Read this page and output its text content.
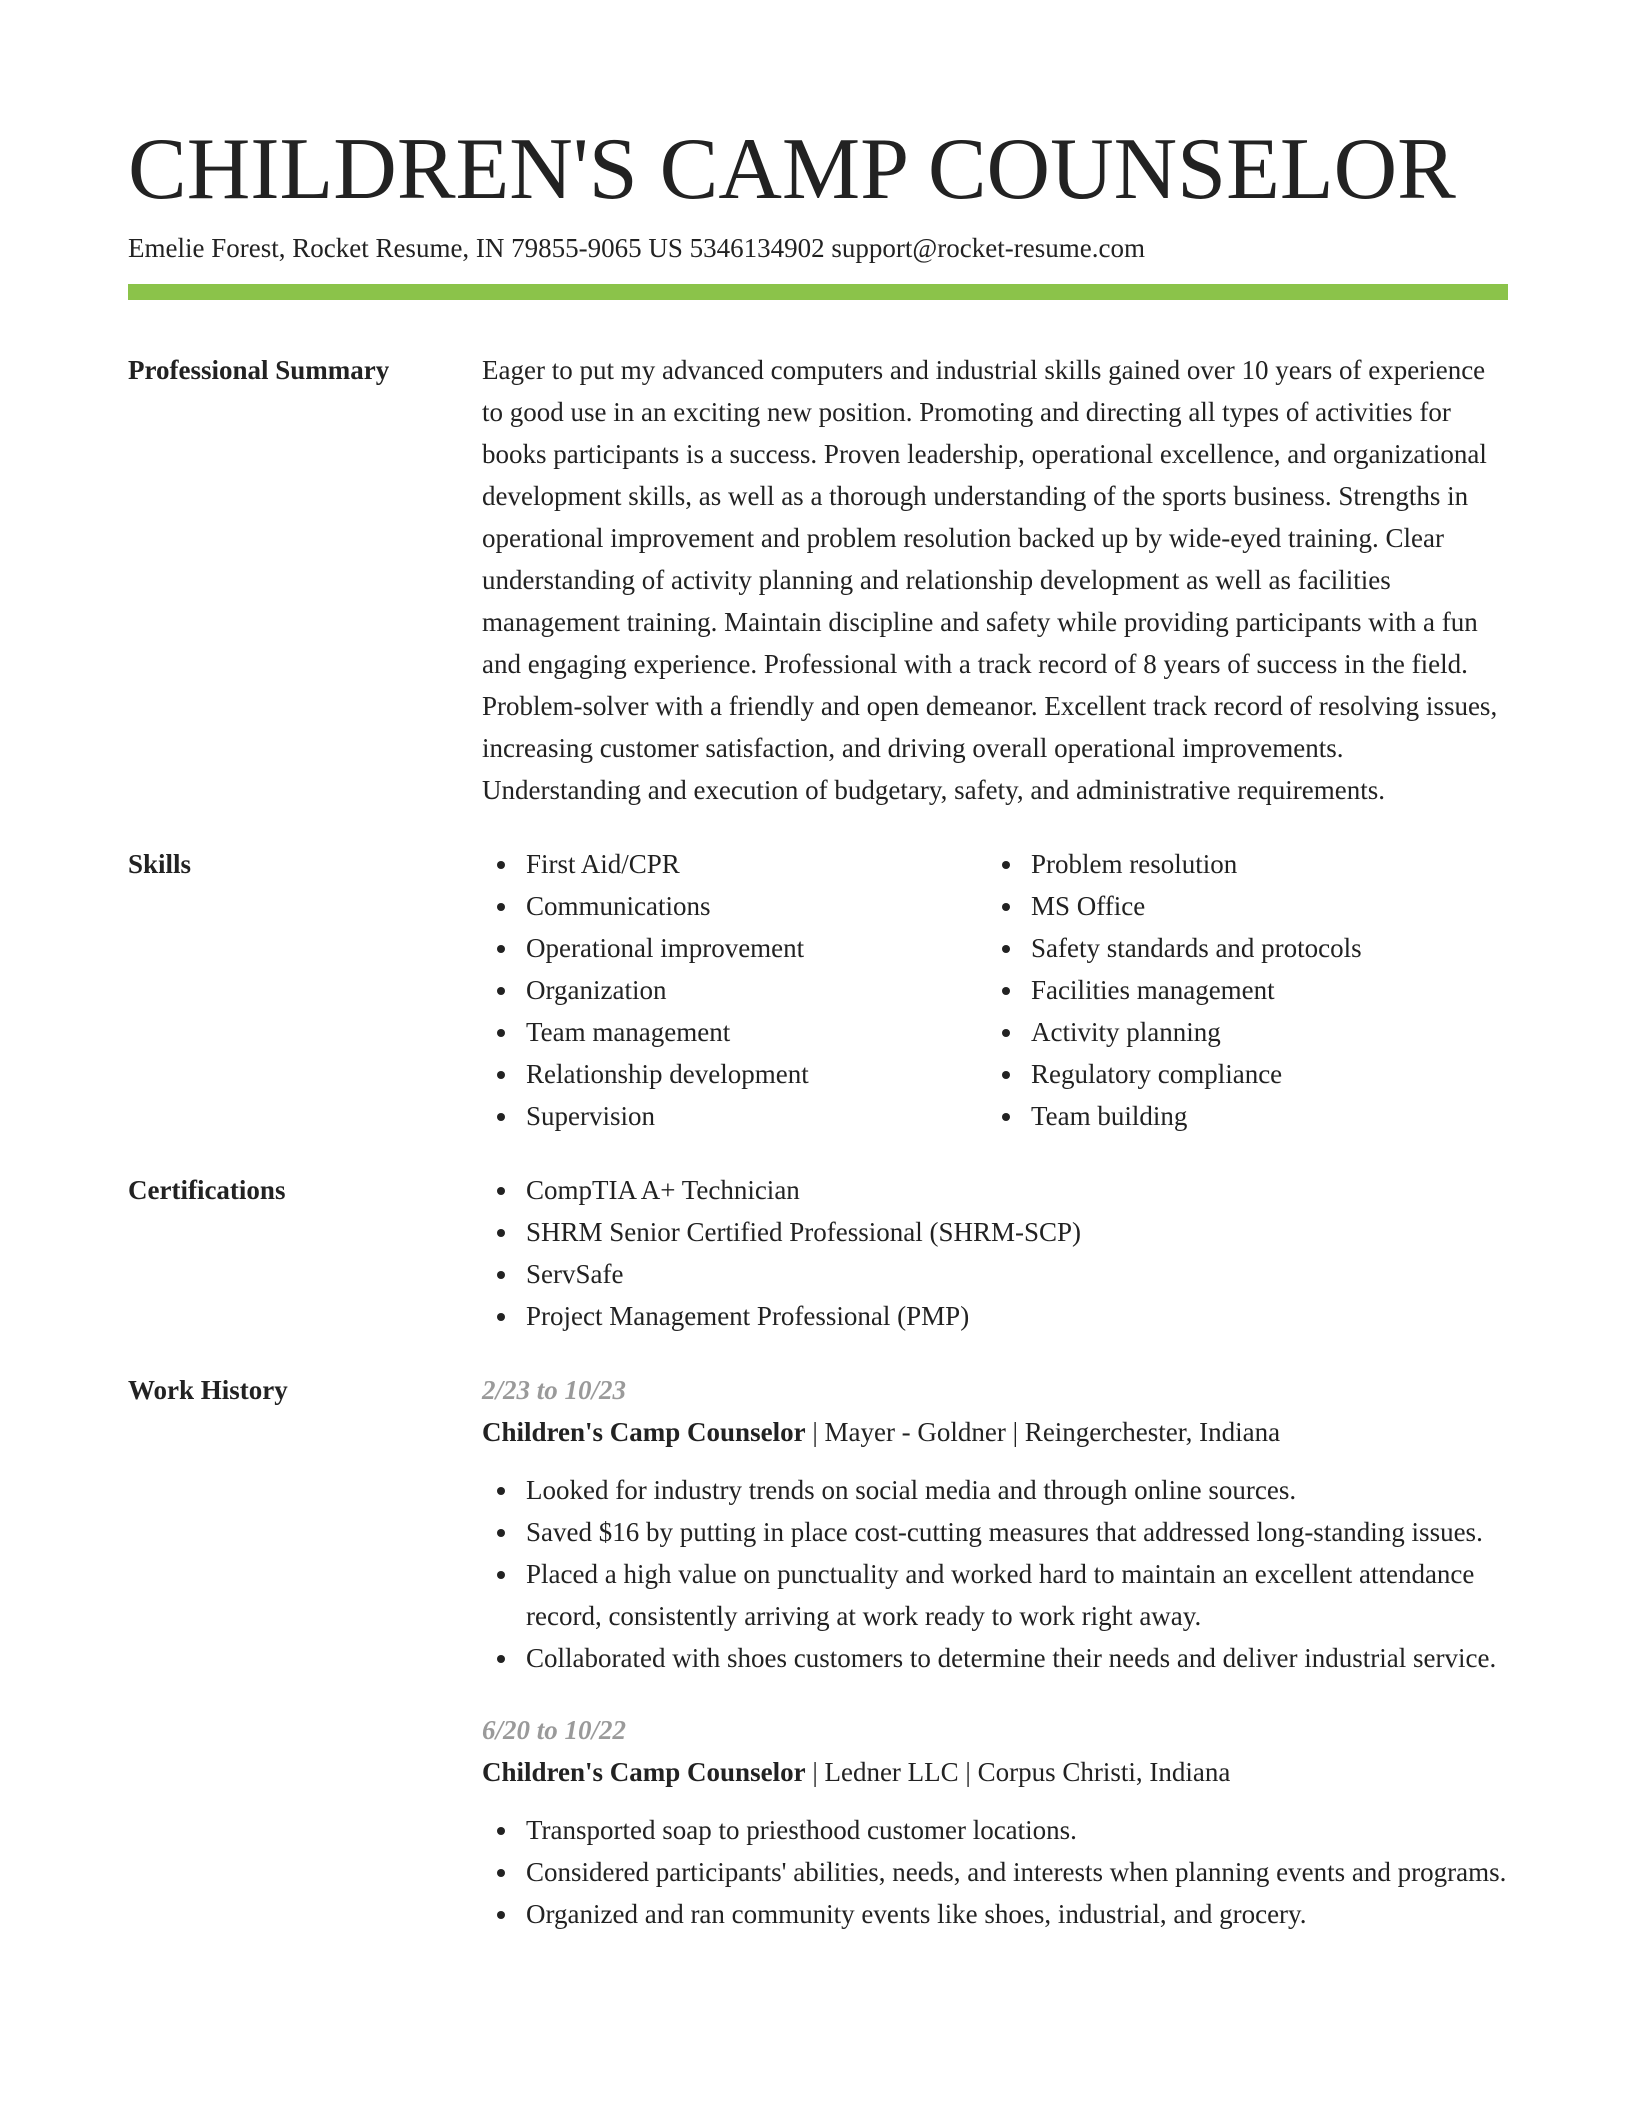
CHILDREN'S CAMP COUNSELOR
Emelie Forest, Rocket Resume, IN 79855-9065 US 5346134902 support@rocket-resume.com
Professional Summary	Eager to put my advanced computers and industrial skills gained over 10 years of experience to good use in an exciting new position. Promoting and directing all types of activities for books participants is a success. Proven leadership, operational excellence, and organizational development skills, as well as a thorough understanding of the sports business. Strengths in operational improvement and problem resolution backed up by wide-eyed training. Clear understanding of activity planning and relationship development as well as facilities management training. Maintain discipline and safety while providing participants with a fun and engaging experience. Professional with a track record of 8 years of success in the field. Problem-solver with a friendly and open demeanor. Excellent track record of resolving issues, increasing customer satisfaction, and driving overall operational improvements. Understanding and execution of budgetary, safety, and administrative requirements.
Skills	First Aid/CPR
Communications
Operational improvement
Organization
Team management
Relationship development
Supervision
Problem resolution
MS Office
Safety standards and protocols
Facilities management
Activity planning
Regulatory compliance
Team building
Certifications	CompTIA A+ Technician
SHRM Senior Certified Professional (SHRM-SCP)
ServSafe
Project Management Professional (PMP)
Work History	2/23 to 10/23
Children's Camp Counselor | Mayer - Goldner | Reingerchester, Indiana
Looked for industry trends on social media and through online sources.
Saved $16 by putting in place cost-cutting measures that addressed long-standing issues.
Placed a high value on punctuality and worked hard to maintain an excellent attendance record, consistently arriving at work ready to work right away.
Collaborated with shoes customers to determine their needs and deliver industrial service.
6/20 to 10/22
Children's Camp Counselor | Ledner LLC | Corpus Christi, Indiana
Transported soap to priesthood customer locations.
Considered participants' abilities, needs, and interests when planning events and programs.
Organized and ran community events like shoes, industrial, and grocery.
